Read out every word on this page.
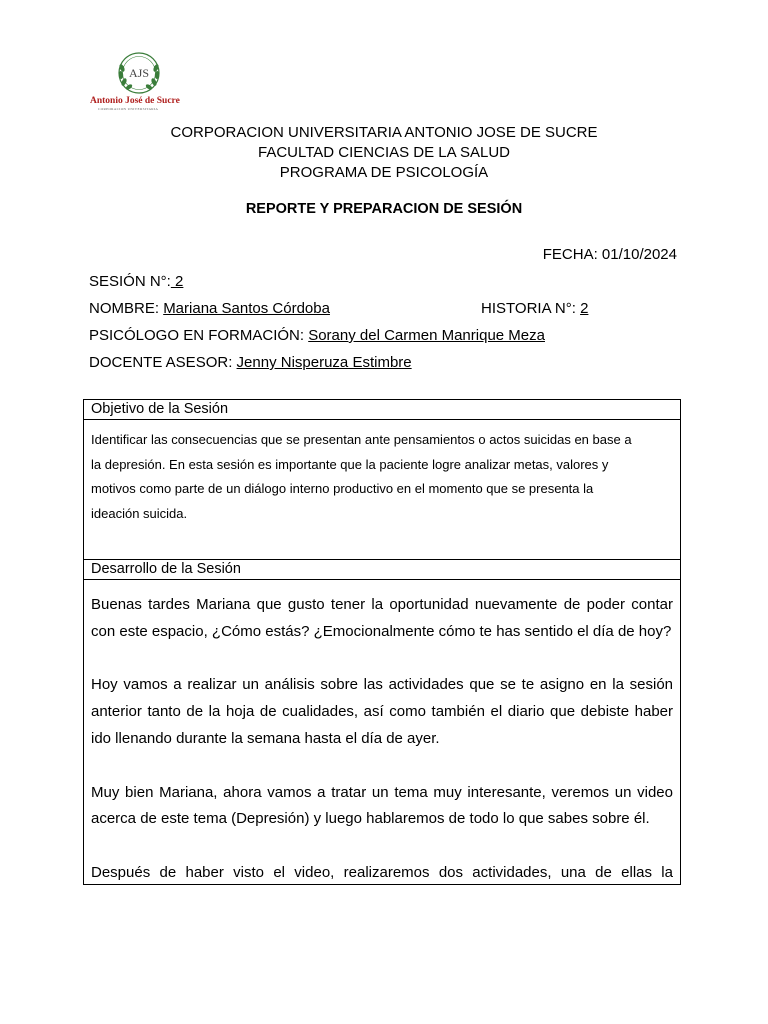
AJS
Antonio José de Sucre
CORPORACION UNIVERSITARIA
CORPORACION UNIVERSITARIA ANTONIO JOSE DE SUCRE
FACULTAD CIENCIAS DE LA SALUD
PROGRAMA DE PSICOLOGÍA
REPORTE Y PREPARACION DE SESIÓN
FECHA: 01/10/2024
SESIÓN N°: 2
NOMBRE: Mariana Santos Córdoba	HISTORIA N°: 2
PSICÓLOGO EN FORMACIÓN: Sorany del Carmen Manrique Meza
DOCENTE ASESOR: Jenny Nisperuza Estimbre
Objetivo de la Sesión

Identificar las consecuencias que se presentan ante pensamientos o actos suicidas en base a
la depresión. En esta sesión es importante que la paciente logre analizar metas, valores y
motivos como parte de un diálogo interno productivo en el momento que se presenta la
ideación suicida.

Desarrollo de la Sesión

Buenas tardes Mariana que gusto tener la oportunidad nuevamente de poder contar con este espacio, ¿Cómo estás? ¿Emocionalmente cómo te has sentido el día de hoy?

Hoy vamos a realizar un análisis sobre las actividades que se te asigno en la sesión anterior tanto de la hoja de cualidades, así como también el diario que debiste haber ido llenando durante la semana hasta el día de ayer.

Muy bien Mariana, ahora vamos a tratar un tema muy interesante, veremos un video acerca de este tema (Depresión) y luego hablaremos de todo lo que sabes sobre él.

Después de haber visto el video, realizaremos dos actividades, una de ellas la
